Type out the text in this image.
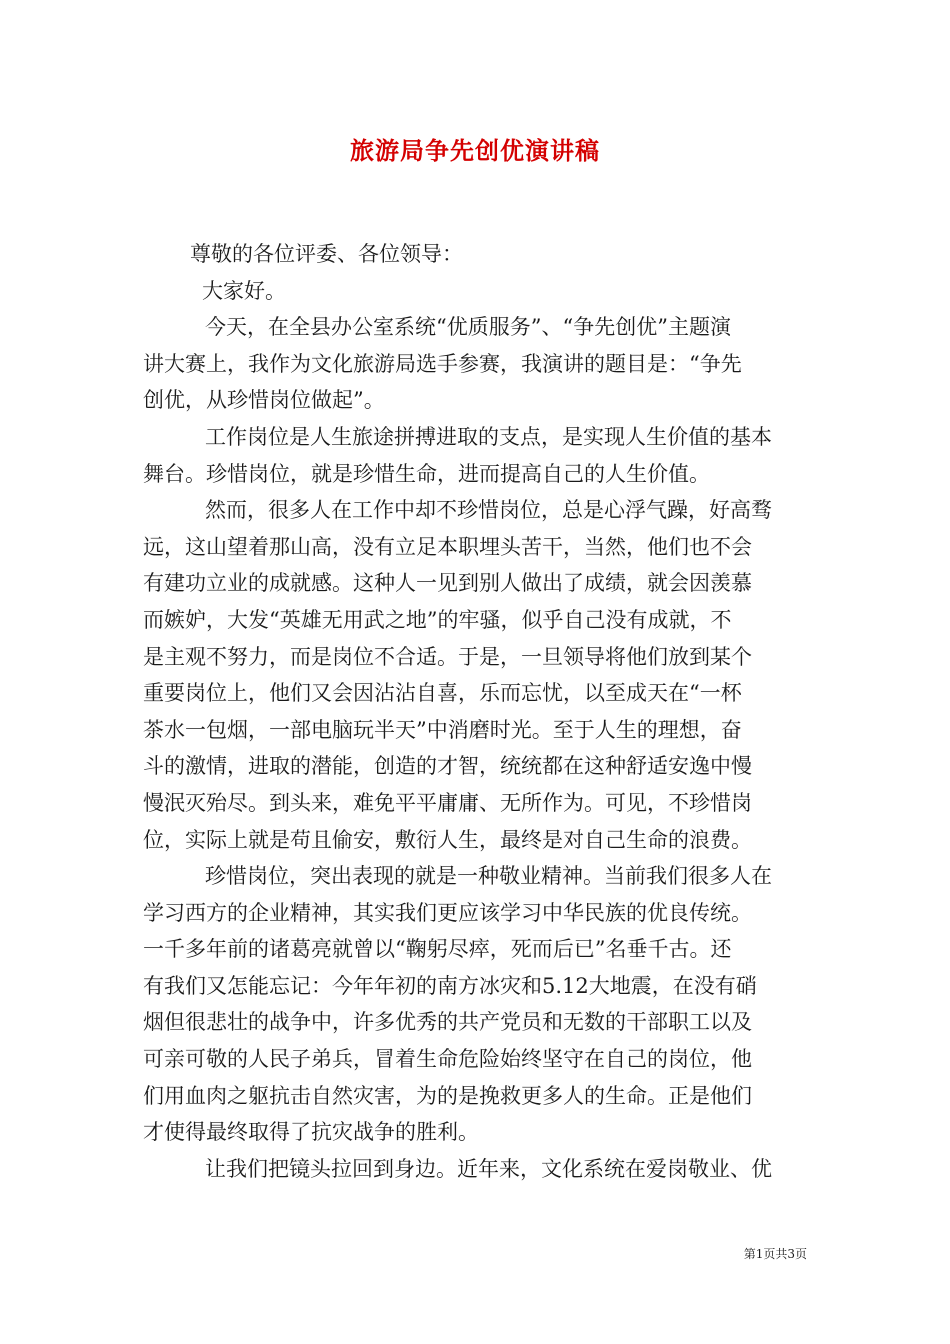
旅游局争先创优演讲稿
尊敬的各位评委、各位领导：
大家好。
今天，在全县办公室系统“优质服务”、“争先创优”主题演
讲大赛上，我作为文化旅游局选手参赛，我演讲的题目是：“争先
创优，从珍惜岗位做起”。
工作岗位是人生旅途拼搏进取的支点，是实现人生价值的基本
舞台。珍惜岗位，就是珍惜生命，进而提高自己的人生价值。
然而，很多人在工作中却不珍惜岗位，总是心浮气躁，好高骛
远，这山望着那山高，没有立足本职埋头苦干，当然，他们也不会
有建功立业的成就感。这种人一见到别人做出了成绩，就会因羡慕
而嫉妒，大发“英雄无用武之地”的牢骚，似乎自己没有成就，不
是主观不努力，而是岗位不合适。于是，一旦领导将他们放到某个
重要岗位上，他们又会因沾沾自喜，乐而忘忧，以至成天在“一杯
茶水一包烟，一部电脑玩半天”中消磨时光。至于人生的理想，奋
斗的激情，进取的潜能，创造的才智，统统都在这种舒适安逸中慢
慢泯灭殆尽。到头来，难免平平庸庸、无所作为。可见，不珍惜岗
位，实际上就是苟且偷安，敷衍人生，最终是对自己生命的浪费。
珍惜岗位，突出表现的就是一种敬业精神。当前我们很多人在
学习西方的企业精神，其实我们更应该学习中华民族的优良传统。
一千多年前的诸葛亮就曾以“鞠躬尽瘁，死而后已”名垂千古。还
有我们又怎能忘记：今年年初的南方冰灾和5.12大地震，在没有硝
烟但很悲壮的战争中，许多优秀的共产党员和无数的干部职工以及
可亲可敬的人民子弟兵，冒着生命危险始终坚守在自己的岗位，他
们用血肉之躯抗击自然灾害，为的是挽救更多人的生命。正是他们
才使得最终取得了抗灾战争的胜利。
让我们把镜头拉回到身边。近年来，文化系统在爱岗敬业、优
第1页共3页
